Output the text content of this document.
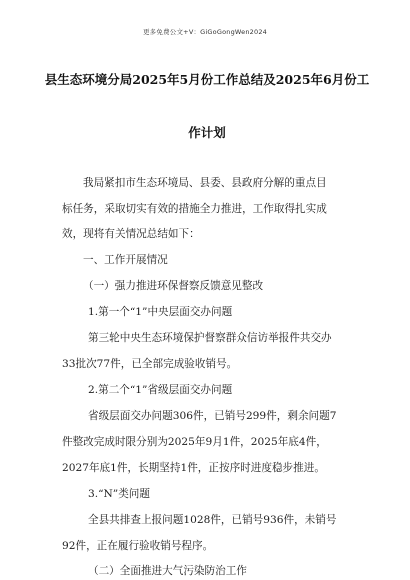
更多免费公文+V：GiGoGongWen2024
县生态环境分局2025年5月份工作总结及2025年6月份工
作计划
我局紧扣市生态环境局、县委、县政府分解的重点目
标任务，采取切实有效的措施全力推进，工作取得扎实成
效，现将有关情况总结如下：
一、工作开展情况
（一）强力推进环保督察反馈意见整改
1.第一个“1”中央层面交办问题
第三轮中央生态环境保护督察群众信访举报件共交办
33批次77件，已全部完成验收销号。
2.第二个“1”省级层面交办问题
省级层面交办问题306件，已销号299件，剩余问题7
件整改完成时限分别为2025年9月1件，2025年底4件，
2027年底1件，长期坚持1件，正按序时进度稳步推进。
3.“N”类问题
全县共排查上报问题1028件，已销号936件，未销号
92件，正在履行验收销号程序。
（二）全面推进大气污染防治工作
